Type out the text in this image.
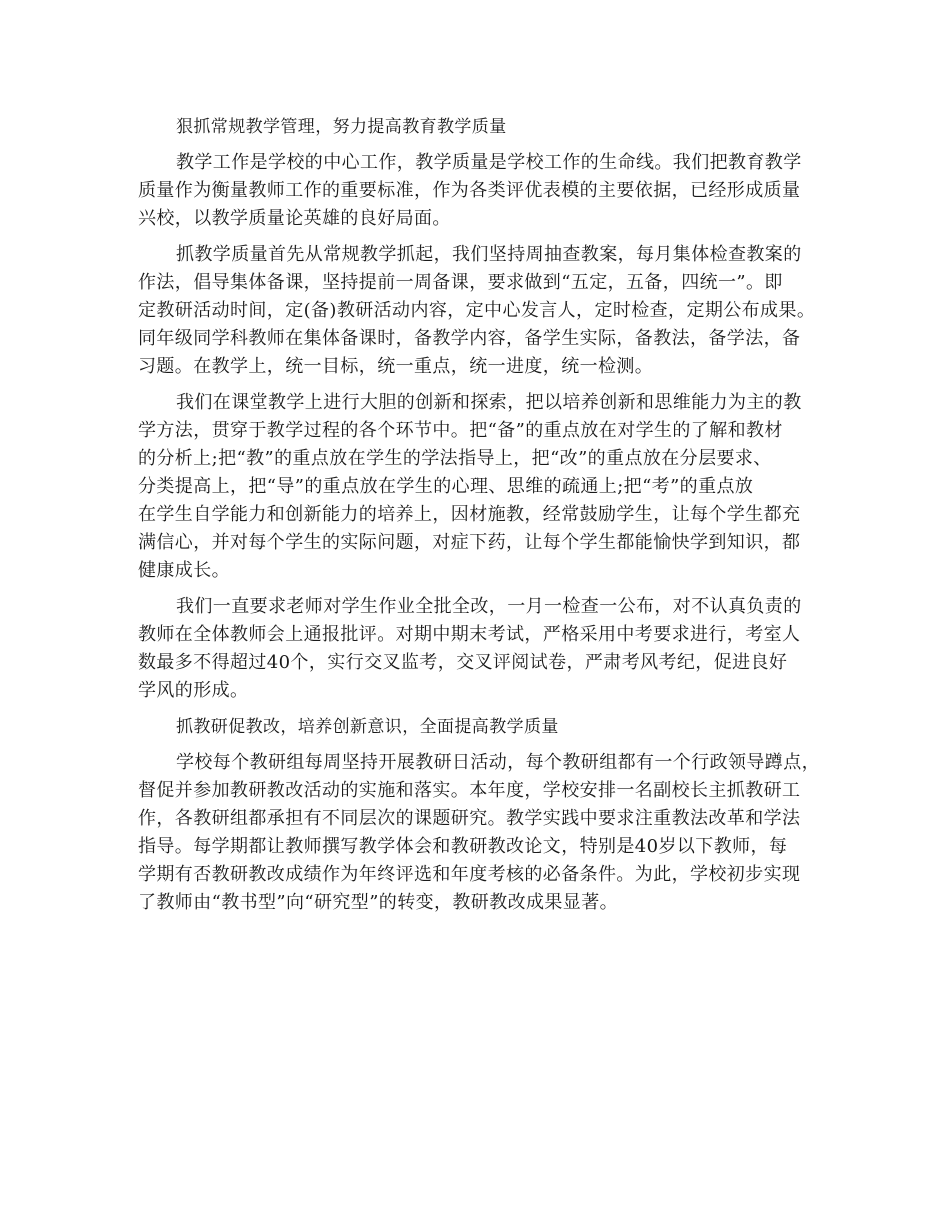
狠抓常规教学管理，努力提高教育教学质量
教学工作是学校的中心工作，教学质量是学校工作的生命线。我们把教育教学
质量作为衡量教师工作的重要标准，作为各类评优表模的主要依据，已经形成质量
兴校，以教学质量论英雄的良好局面。
抓教学质量首先从常规教学抓起，我们坚持周抽查教案，每月集体检查教案的
作法，倡导集体备课，坚持提前一周备课，要求做到“五定，五备，四统一”。即
定教研活动时间，定(备)教研活动内容，定中心发言人，定时检查，定期公布成果。
同年级同学科教师在集体备课时，备教学内容，备学生实际，备教法，备学法，备
习题。在教学上，统一目标，统一重点，统一进度，统一检测。
我们在课堂教学上进行大胆的创新和探索，把以培养创新和思维能力为主的教
学方法，贯穿于教学过程的各个环节中。把“备”的重点放在对学生的了解和教材
的分析上;把“教”的重点放在学生的学法指导上，把“改”的重点放在分层要求、
分类提高上，把“导”的重点放在学生的心理、思维的疏通上;把“考”的重点放
在学生自学能力和创新能力的培养上，因材施教，经常鼓励学生，让每个学生都充
满信心，并对每个学生的实际问题，对症下药，让每个学生都能愉快学到知识，都
健康成长。
我们一直要求老师对学生作业全批全改，一月一检查一公布，对不认真负责的
教师在全体教师会上通报批评。对期中期末考试，严格采用中考要求进行，考室人
数最多不得超过40个，实行交叉监考，交叉评阅试卷，严肃考风考纪，促进良好
学风的形成。
抓教研促教改，培养创新意识，全面提高教学质量
学校每个教研组每周坚持开展教研日活动，每个教研组都有一个行政领导蹲点，
督促并参加教研教改活动的实施和落实。本年度，学校安排一名副校长主抓教研工
作，各教研组都承担有不同层次的课题研究。教学实践中要求注重教法改革和学法
指导。每学期都让教师撰写教学体会和教研教改论文，特别是40岁以下教师，每
学期有否教研教改成绩作为年终评选和年度考核的必备条件。为此，学校初步实现
了教师由“教书型”向“研究型”的转变，教研教改成果显著。
